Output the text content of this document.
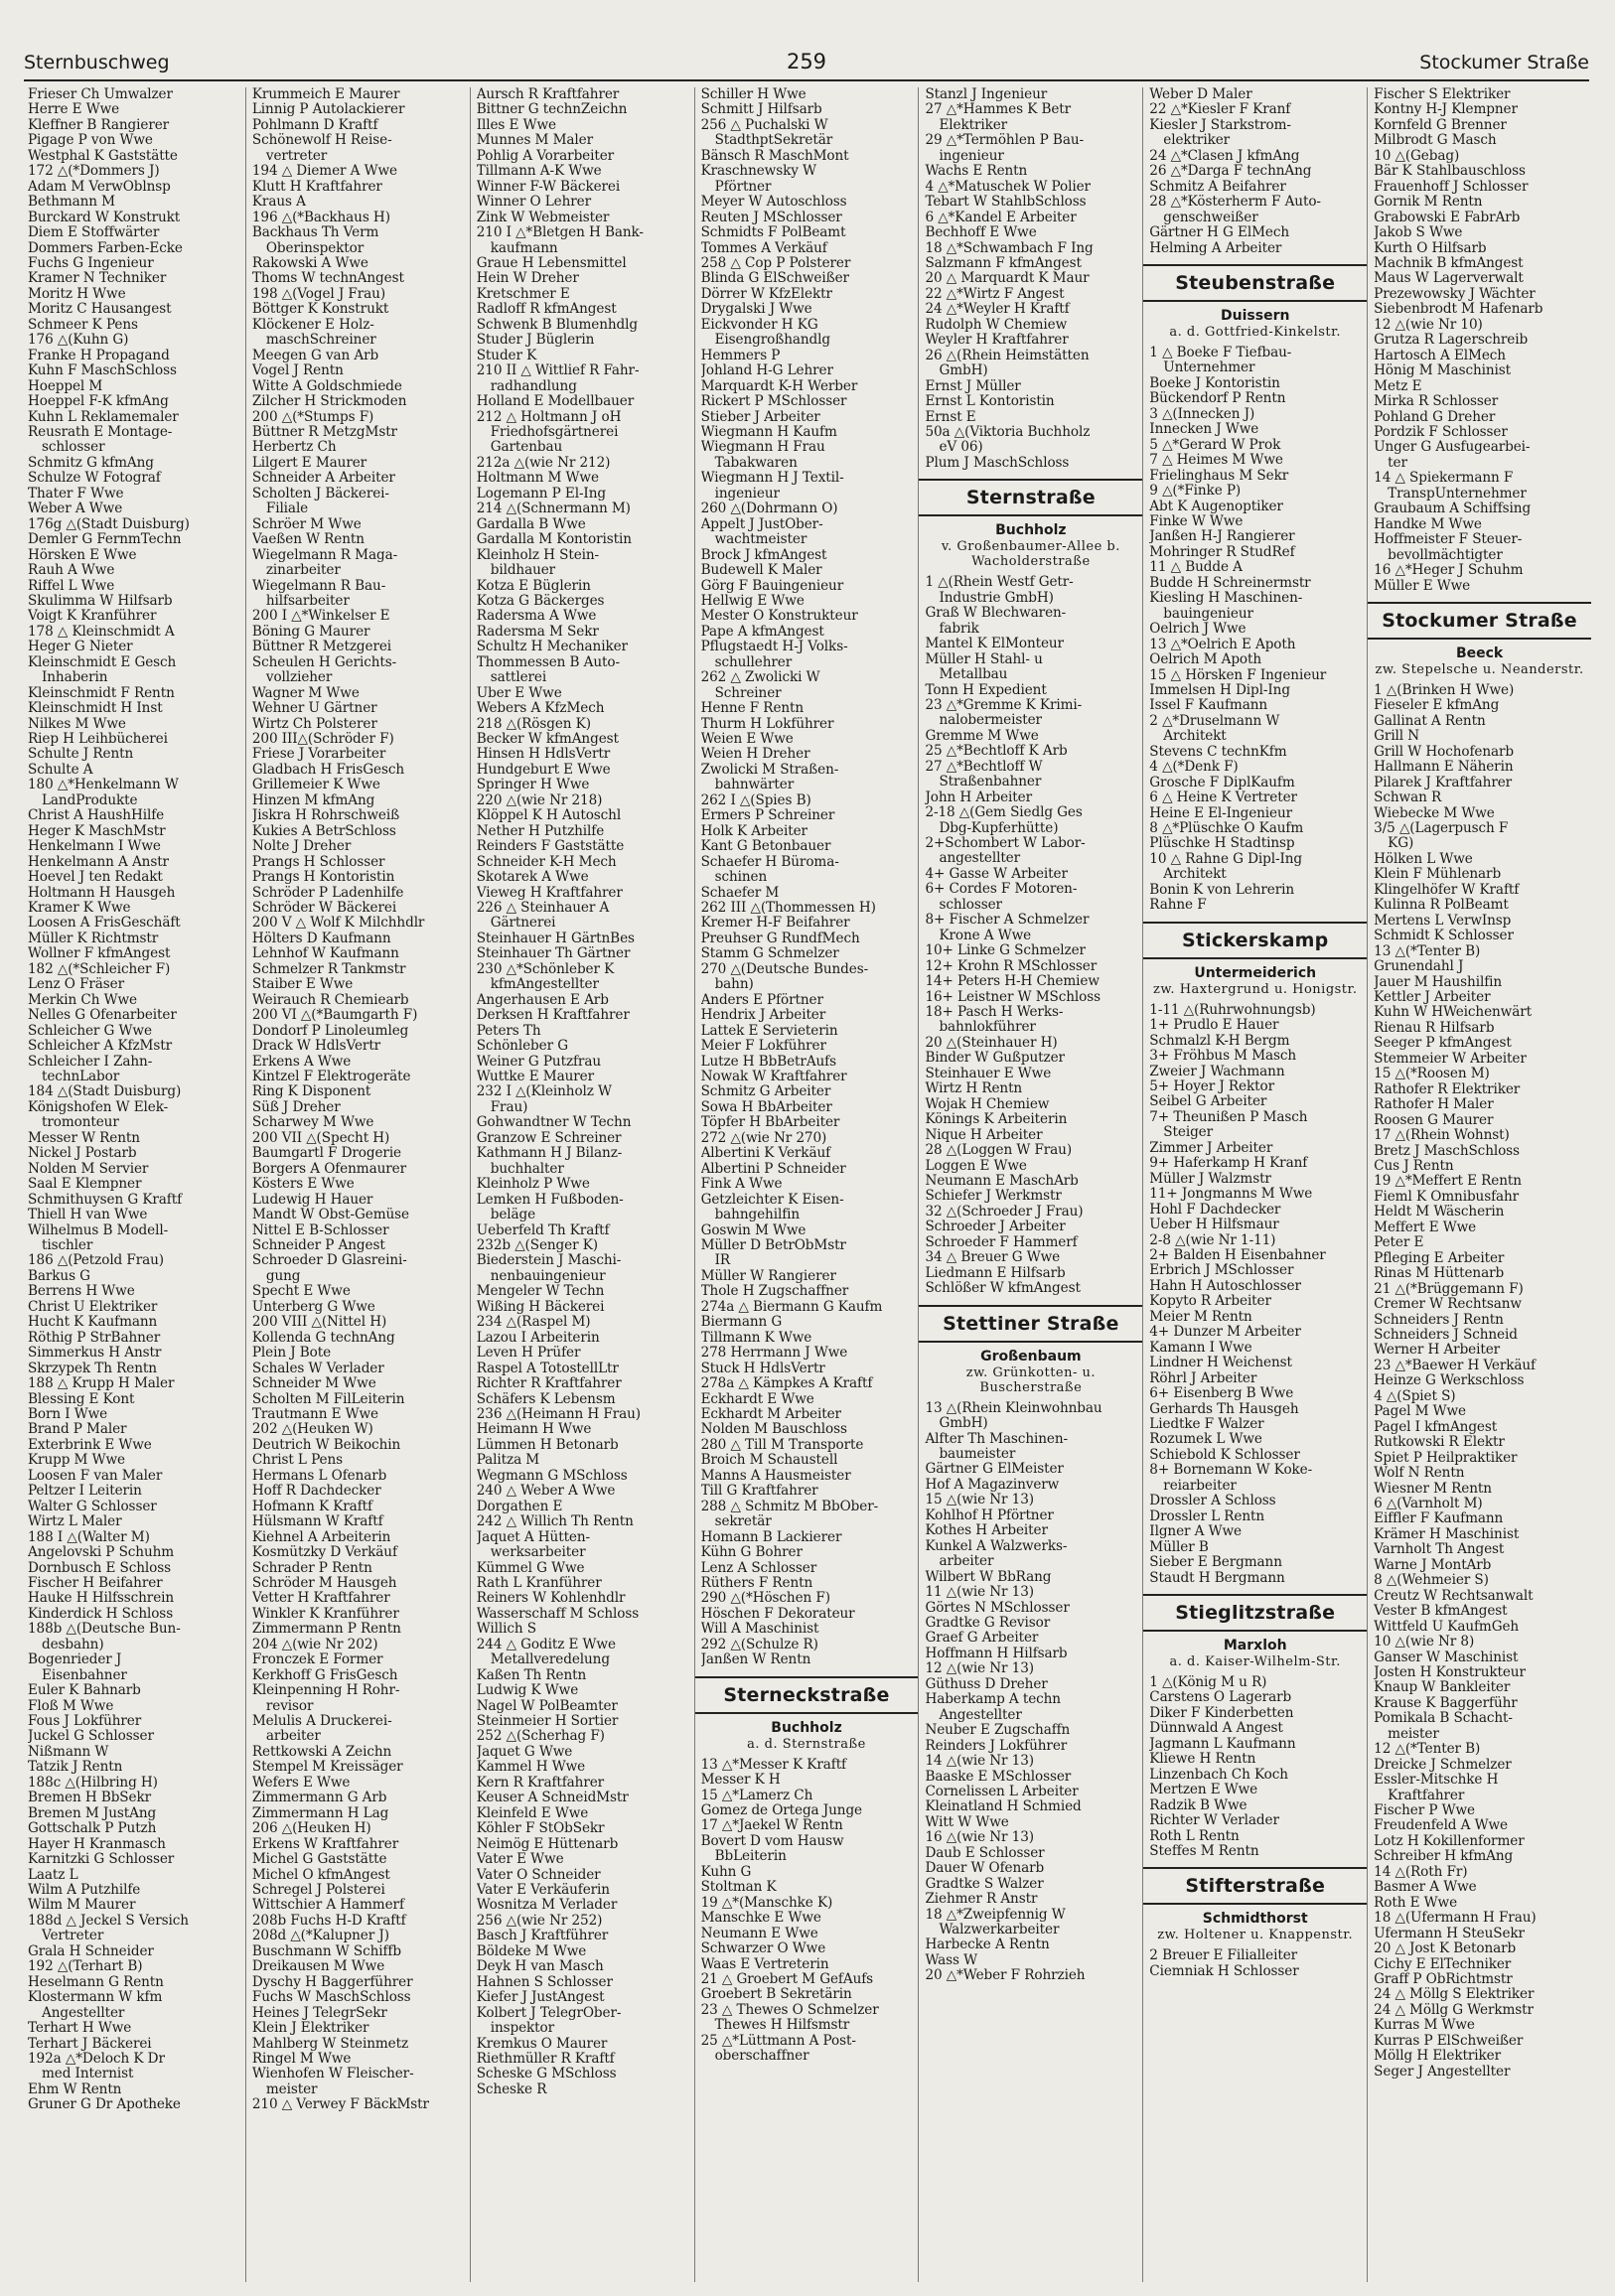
Sternbuschweg	259	Stockumer Straße
Frieser Ch Umwalzer
Herre E Wwe
Kleffner B Rangierer
Pigage P von Wwe
Westphal K Gaststätte
172 △(*Dommers J)
Adam M VerwOblnsp
Bethmann M
Burckard W Konstrukt
Diem E Stoffwärter
Dommers Farben-Ecke
Fuchs G Ingenieur
Kramer N Techniker
Moritz H Wwe
Moritz C Hausangest
Schmeer K Pens
176 △(Kuhn G)
Franke H Propagand
Kuhn F MaschSchloss
Hoeppel M
Hoeppel F-K kfmAng
Kuhn L Reklamemaler
Reusrath E Montage-
schlosser
Schmitz G kfmAng
Schulze W Fotograf
Thater F Wwe
Weber A Wwe
176g △(Stadt Duisburg)
Demler G FernmTechn
Hörsken E Wwe
Rauh A Wwe
Riffel L Wwe
Skulimma W Hilfsarb
Voigt K Kranführer
178 △ Kleinschmidt A
Heger G Nieter
Kleinschmidt E Gesch
Inhaberin
Kleinschmidt F Rentn
Kleinschmidt H Inst
Nilkes M Wwe
Riep H Leihbücherei
Schulte J Rentn
Schulte A
180 △*Henkelmann W
LandProdukte
Christ A HaushHilfe
Heger K MaschMstr
Henkelmann I Wwe
Henkelmann A Anstr
Hoevel J ten Redakt
Holtmann H Hausgeh
Kramer K Wwe
Loosen A FrisGeschäft
Müller K Richtmstr
Wollner F kfmAngest
182 △(*Schleicher F)
Lenz O Fräser
Merkin Ch Wwe
Nelles G Ofenarbeiter
Schleicher G Wwe
Schleicher A KfzMstr
Schleicher I Zahn-
technLabor
184 △(Stadt Duisburg)
Königshofen W Elek-
tromonteur
Messer W Rentn
Nickel J Postarb
Nolden M Servier
Saal E Klempner
Schmithuysen G Kraftf
Thiell H van Wwe
Wilhelmus B Modell-
tischler
186 △(Petzold Frau)
Barkus G
Berrens H Wwe
Christ U Elektriker
Hucht K Kaufmann
Röthig P StrBahner
Simmerkus H Anstr
Skrzypek Th Rentn
188 △ Krupp H Maler
Blessing E Kont
Born I Wwe
Brand P Maler
Exterbrink E Wwe
Krupp M Wwe
Loosen F van Maler
Peltzer I Leiterin
Walter G Schlosser
Wirtz L Maler
188 I △(Walter M)
Angelovski P Schuhm
Dornbusch E Schloss
Fischer H Beifahrer
Hauke H Hilfsschrein
Kinderdick H Schloss
188b △(Deutsche Bun-
desbahn)
Bogenrieder J
Eisenbahner
Euler K Bahnarb
Floß M Wwe
Fous J Lokführer
Juckel G Schlosser
Nißmann W
Tatzik J Rentn
188c △(Hilbring H)
Bremen H BbSekr
Bremen M JustAng
Gottschalk P Putzh
Hayer H Kranmasch
Karnitzki G Schlosser
Laatz L
Wilm A Putzhilfe
Wilm M Maurer
188d △ Jeckel S Versich
Vertreter
Grala H Schneider
192 △(Terhart B)
Heselmann G Rentn
Klostermann W kfm
Angestellter
Terhart H Wwe
Terhart J Bäckerei
192a △*Deloch K Dr
med Internist
Ehm W Rentn
Gruner G Dr Apotheke
Krummeich E Maurer
Linnig P Autolackierer
Pohlmann D Kraftf
Schönewolf H Reise-
vertreter
194 △ Diemer A Wwe
Klutt H Kraftfahrer
Kraus A
196 △(*Backhaus H)
Backhaus Th Verm
Oberinspektor
Rakowski A Wwe
Thoms W technAngest
198 △(Vogel J Frau)
Böttger K Konstrukt
Klöckener E Holz-
maschSchreiner
Meegen G van Arb
Vogel J Rentn
Witte A Goldschmiede
Zilcher H Strickmoden
200 △(*Stumps F)
Büttner R MetzgMstr
Herbertz Ch
Lilgert E Maurer
Schneider A Arbeiter
Scholten J Bäckerei-
Filiale
Schröer M Wwe
Vaeßen W Rentn
Wiegelmann R Maga-
zinarbeiter
Wiegelmann R Bau-
hilfsarbeiter
200 I △*Winkelser E
Böning G Maurer
Büttner R Metzgerei
Scheulen H Gerichts-
vollzieher
Wagner M Wwe
Wehner U Gärtner
Wirtz Ch Polsterer
200 III△(Schröder F)
Friese J Vorarbeiter
Gladbach H FrisGesch
Grillemeier K Wwe
Hinzen M kfmAng
Jiskra H Rohrschweiß
Kukies A BetrSchloss
Nolte J Dreher
Prangs H Schlosser
Prangs H Kontoristin
Schröder P Ladenhilfe
Schröder W Bäckerei
200 V △ Wolf K Milchhdlr
Hölters D Kaufmann
Lehnhof W Kaufmann
Schmelzer R Tankmstr
Staiber E Wwe
Weirauch R Chemiearb
200 VI △(*Baumgarth F)
Dondorf P Linoleumleg
Drack W HdlsVertr
Erkens A Wwe
Kintzel F Elektrogeräte
Ring K Disponent
Süß J Dreher
Scharwey M Wwe
200 VII △(Specht H)
Baumgartl F Drogerie
Borgers A Ofenmaurer
Kösters E Wwe
Ludewig H Hauer
Mandt W Obst-Gemüse
Nittel E B-Schlosser
Schneider P Angest
Schroeder D Glasreini-
gung
Specht E Wwe
Unterberg G Wwe
200 VIII △(Nittel H)
Kollenda G technAng
Plein J Bote
Schales W Verlader
Schneider M Wwe
Scholten M FilLeiterin
Trautmann E Wwe
202 △(Heuken W)
Deutrich W Beikochin
Christ L Pens
Hermans L Ofenarb
Hoff R Dachdecker
Hofmann K Kraftf
Hülsmann W Kraftf
Kiehnel A Arbeiterin
Kosmützky D Verkäuf
Schrader P Rentn
Schröder M Hausgeh
Vetter H Kraftfahrer
Winkler K Kranführer
Zimmermann P Rentn
204 △(wie Nr 202)
Fronczek E Former
Kerkhoff G FrisGesch
Kleinpenning H Rohr-
revisor
Melulis A Druckerei-
arbeiter
Rettkowski A Zeichn
Stempel M Kreissäger
Wefers E Wwe
Zimmermann G Arb
Zimmermann H Lag
206 △(Heuken H)
Erkens W Kraftfahrer
Michel G Gaststätte
Michel O kfmAngest
Schregel J Polsterei
Wittschier A Hammerf
208b Fuchs H-D Kraftf
208d △(*Kalupner J)
Buschmann W Schiffb
Dreikausen M Wwe
Dyschy H Baggerführer
Fuchs W MaschSchloss
Heines J TelegrSekr
Klein J Elektriker
Mahlberg W Steinmetz
Ringel M Wwe
Wienhofen W Fleischer-
meister
210 △ Verwey F BäckMstr
Aursch R Kraftfahrer
Bittner G technZeichn
Illes E Wwe
Munnes M Maler
Pohlig A Vorarbeiter
Tillmann A-K Wwe
Winner F-W Bäckerei
Winner O Lehrer
Zink W Webmeister
210 I △*Bletgen H Bank-
kaufmann
Graue H Lebensmittel
Hein W Dreher
Kretschmer E
Radloff R kfmAngest
Schwenk B Blumenhdlg
Studer J Büglerin
Studer K
210 II △ Wittlief R Fahr-
radhandlung
Holland E Modellbauer
212 △ Holtmann J oH
Friedhofsgärtnerei
Gartenbau
212a △(wie Nr 212)
Holtmann M Wwe
Logemann P El-Ing
214 △(Schnermann M)
Gardalla B Wwe
Gardalla M Kontoristin
Kleinholz H Stein-
bildhauer
Kotza E Büglerin
Kotza G Bäckerges
Radersma A Wwe
Radersma M Sekr
Schultz H Mechaniker
Thommessen B Auto-
sattlerei
Uber E Wwe
Webers A KfzMech
218 △(Rösgen K)
Becker W kfmAngest
Hinsen H HdlsVertr
Hundgeburt E Wwe
Springer H Wwe
220 △(wie Nr 218)
Klöppel K H Autoschl
Nether H Putzhilfe
Reinders F Gaststätte
Schneider K-H Mech
Skotarek A Wwe
Vieweg H Kraftfahrer
226 △ Steinhauer A
Gärtnerei
Steinhauer H GärtnBes
Steinhauer Th Gärtner
230 △*Schönleber K
kfmAngestellter
Angerhausen E Arb
Derksen H Kraftfahrer
Peters Th
Schönleber G
Weiner G Putzfrau
Wuttke E Maurer
232 I △(Kleinholz W
Frau)
Gohwandtner W Techn
Granzow E Schreiner
Kathmann H J Bilanz-
buchhalter
Kleinholz P Wwe
Lemken H Fußboden-
beläge
Ueberfeld Th Kraftf
232b △(Senger K)
Biederstein J Maschi-
nenbauingenieur
Mengeler W Techn
Wißing H Bäckerei
234 △(Raspel M)
Lazou I Arbeiterin
Leven H Prüfer
Raspel A TotostellLtr
Richter R Kraftfahrer
Schäfers K Lebensm
236 △(Heimann H Frau)
Heimann H Wwe
Lümmen H Betonarb
Palitza M
Wegmann G MSchloss
240 △ Weber A Wwe
Dorgathen E
242 △ Willich Th Rentn
Jaquet A Hütten-
werksarbeiter
Kümmel G Wwe
Rath L Kranführer
Reiners W Kohlenhdlr
Wasserschaff M Schloss
Willich S
244 △ Goditz E Wwe
Metallveredelung
Kaßen Th Rentn
Ludwig K Wwe
Nagel W PolBeamter
Steinmeier H Sortier
252 △(Scherhag F)
Jaquet G Wwe
Kammel H Wwe
Kern R Kraftfahrer
Keuser A SchneidMstr
Kleinfeld E Wwe
Köhler F StObSekr
Neimög E Hüttenarb
Vater E Wwe
Vater O Schneider
Vater E Verkäuferin
Wosnitza M Verlader
256 △(wie Nr 252)
Basch J Kraftführer
Böldeke M Wwe
Deyk H van Masch
Hahnen S Schlosser
Kiefer J JustAngest
Kolbert J TelegrOber-
inspektor
Kremkus O Maurer
Riethmüller R Kraftf
Scheske G MSchloss
Scheske R
Schiller H Wwe
Schmitt J Hilfsarb
256 △ Puchalski W
StadthptSekretär
Bänsch R MaschMont
Kraschnewsky W
Pförtner
Meyer W Autoschloss
Reuten J MSchlosser
Schmidts F PolBeamt
Tommes A Verkäuf
258 △ Cop P Polsterer
Blinda G ElSchweißer
Dörrer W KfzElektr
Drygalski J Wwe
Eickvonder H KG
Eisengroßhandlg
Hemmers P
Johland H-G Lehrer
Marquardt K-H Werber
Rickert P MSchlosser
Stieber J Arbeiter
Wiegmann H Kaufm
Wiegmann H Frau
Tabakwaren
Wiegmann H J Textil-
ingenieur
260 △(Dohrmann O)
Appelt J JustOber-
wachtmeister
Brock J kfmAngest
Budewell K Maler
Görg F Bauingenieur
Hellwig E Wwe
Mester O Konstrukteur
Pape A kfmAngest
Pflugstaedt H-J Volks-
schullehrer
262 △ Zwolicki W
Schreiner
Henne F Rentn
Thurm H Lokführer
Weien E Wwe
Weien H Dreher
Zwolicki M Straßen-
bahnwärter
262 I △(Spies B)
Ermers P Schreiner
Holk K Arbeiter
Kant G Betonbauer
Schaefer H Büroma-
schinen
Schaefer M
262 III △(Thommessen H)
Kremer H-F Beifahrer
Preuhser G RundfMech
Stamm G Schmelzer
270 △(Deutsche Bundes-
bahn)
Anders E Pförtner
Hendrix J Arbeiter
Lattek E Servieterin
Meier F Lokführer
Lutze H BbBetrAufs
Nowak W Kraftfahrer
Schmitz G Arbeiter
Sowa H BbArbeiter
Töpfer H BbArbeiter
272 △(wie Nr 270)
Albertini K Verkäuf
Albertini P Schneider
Fink A Wwe
Getzleichter K Eisen-
bahngehilfin
Goswin M Wwe
Müller D BetrObMstr
IR
Müller W Rangierer
Thole H Zugschaffner
274a △ Biermann G Kaufm
Biermann G
Tillmann K Wwe
278 Herrmann J Wwe
Stuck H HdlsVertr
278a △ Kämpkes A Kraftf
Eckhardt E Wwe
Eckhardt M Arbeiter
Nolden M Bauschloss
280 △ Till M Transporte
Broich M Schaustell
Manns A Hausmeister
Till G Kraftfahrer
288 △ Schmitz M BbOber-
sekretär
Homann B Lackierer
Kühn G Bohrer
Lenz A Schlosser
Rüthers F Rentn
290 △(*Höschen F)
Höschen F Dekorateur
Will A Maschinist
292 △(Schulze R)
Janßen W Rentn
Sterneckstraße
Buchholz
a. d. Sternstraße
13 △*Messer K Kraftf
Messer K H
15 △*Lamerz Ch
Gomez de Ortega Junge
17 △*Jaekel W Rentn
Bovert D vom Hausw
BbLeiterin
Kuhn G
Stoltman K
19 △*(Manschke K)
Manschke E Wwe
Neumann E Wwe
Schwarzer O Wwe
Waas E Vertreterin
21 △ Groebert M GefAufs
Groebert B Sekretärin
23 △ Thewes O Schmelzer
Thewes H Hilfsmstr
25 △*Lüttmann A Post-
oberschaffner
Stanzl J Ingenieur
27 △*Hammes K Betr
Elektriker
29 △*Termöhlen P Bau-
ingenieur
Wachs E Rentn
4 △*Matuschek W Polier
Tebart W StahlbSchloss
6 △*Kandel E Arbeiter
Bechhoff E Wwe
18 △*Schwambach F Ing
Salzmann F kfmAngest
20 △ Marquardt K Maur
22 △*Wirtz F Angest
24 △*Weyler H Kraftf
Rudolph W Chemiew
Weyler H Kraftfahrer
26 △(Rhein Heimstätten
GmbH)
Ernst J Müller
Ernst L Kontoristin
Ernst E
50a △(Viktoria Buchholz
eV 06)
Plum J MaschSchloss
Sternstraße
Buchholz
v. Großenbaumer-Allee b. Wacholderstraße
1 △(Rhein Westf Getr-
Industrie GmbH)
Graß W Blechwaren-
fabrik
Mantel K ElMonteur
Müller H Stahl- u
Metallbau
Tonn H Expedient
23 △*Gremme K Krimi-
nalobermeister
Gremme M Wwe
25 △*Bechtloff K Arb
27 △*Bechtloff W
Straßenbahner
John H Arbeiter
2-18 △(Gem Siedlg Ges
Dbg-Kupferhütte)
2+Schombert W Labor-
angestellter
4+ Gasse W Arbeiter
6+ Cordes F Motoren-
schlosser
8+ Fischer A Schmelzer
Krone A Wwe
10+ Linke G Schmelzer
12+ Krohn R MSchlosser
14+ Peters H-H Chemiew
16+ Leistner W MSchloss
18+ Pasch H Werks-
bahnlokführer
20 △(Steinhauer H)
Binder W Gußputzer
Steinhauer E Wwe
Wirtz H Rentn
Wojak H Chemiew
Könings K Arbeiterin
Nique H Arbeiter
28 △(Loggen W Frau)
Loggen E Wwe
Neumann E MaschArb
Schiefer J Werkmstr
32 △(Schroeder J Frau)
Schroeder J Arbeiter
Schroeder F Hammerf
34 △ Breuer G Wwe
Liedmann E Hilfsarb
Schlößer W kfmAngest
Stettiner Straße
Großenbaum
zw. Grünkotten- u. Buscherstraße
13 △(Rhein Kleinwohnbau
GmbH)
Alfter Th Maschinen-
baumeister
Gärtner G ElMeister
Hof A Magazinverw
15 △(wie Nr 13)
Kohlhof H Pförtner
Kothes H Arbeiter
Kunkel A Walzwerks-
arbeiter
Wilbert W BbRang
11 △(wie Nr 13)
Görtes N MSchlosser
Gradtke G Revisor
Graef G Arbeiter
Hoffmann H Hilfsarb
12 △(wie Nr 13)
Güthuss D Dreher
Haberkamp A techn
Angestellter
Neuber E Zugschaffn
Reinders J Lokführer
14 △(wie Nr 13)
Baaske E MSchlosser
Cornelissen L Arbeiter
Kleinatland H Schmied
Witt W Wwe
16 △(wie Nr 13)
Daub E Schlosser
Dauer W Ofenarb
Gradtke S Walzer
Ziehmer R Anstr
18 △*Zweipfennig W
Walzwerkarbeiter
Harbecke A Rentn
Wass W
20 △*Weber F Rohrzieh
Weber D Maler
22 △*Kiesler F Kranf
Kiesler J Starkstrom-
elektriker
24 △*Clasen J kfmAng
26 △*Darga F technAng
Schmitz A Beifahrer
28 △*Kösterherm F Auto-
genschweißer
Gärtner H G ElMech
Helming A Arbeiter
Steubenstraße
Duissern
a. d. Gottfried-Kinkelstr.
1 △ Boeke F Tiefbau-
Unternehmer
Boeke J Kontoristin
Bückendorf P Rentn
3 △(Innecken J)
Innecken J Wwe
5 △*Gerard W Prok
7 △ Heimes M Wwe
Frielinghaus M Sekr
9 △(*Finke P)
Abt K Augenoptiker
Finke W Wwe
Janßen H-J Rangierer
Mohringer R StudRef
11 △ Budde A
Budde H Schreinermstr
Kiesling H Maschinen-
bauingenieur
Oelrich J Wwe
13 △*Oelrich E Apoth
Oelrich M Apoth
15 △ Hörsken F Ingenieur
Immelsen H Dipl-Ing
Issel F Kaufmann
2 △*Druselmann W
Architekt
Stevens C technKfm
4 △(*Denk F)
Grosche F DiplKaufm
6 △ Heine K Vertreter
Heine E El-Ingenieur
8 △*Plüschke O Kaufm
Plüschke H Stadtinsp
10 △ Rahne G Dipl-Ing
Architekt
Bonin K von Lehrerin
Rahne F
Stickerskamp
Untermeiderich
zw. Haxtergrund u. Honigstr.
1-11 △(Ruhrwohnungsb)
1+ Prudlo E Hauer
Schmalzl K-H Bergm
3+ Fröhbus M Masch
Zweier J Wachmann
5+ Hoyer J Rektor
Seibel G Arbeiter
7+ Theunißen P Masch
Steiger
Zimmer J Arbeiter
9+ Haferkamp H Kranf
Müller J Walzmstr
11+ Jongmanns M Wwe
Hohl F Dachdecker
Ueber H Hilfsmaur
2-8 △(wie Nr 1-11)
2+ Balden H Eisenbahner
Erbrich J MSchlosser
Hahn H Autoschlosser
Kopyto R Arbeiter
Meier M Rentn
4+ Dunzer M Arbeiter
Kamann I Wwe
Lindner H Weichenst
Röhrl J Arbeiter
6+ Eisenberg B Wwe
Gerhards Th Hausgeh
Liedtke F Walzer
Rozumek L Wwe
Schiebold K Schlosser
8+ Bornemann W Koke-
reiarbeiter
Drossler A Schloss
Drossler L Rentn
Ilgner A Wwe
Müller B
Sieber E Bergmann
Staudt H Bergmann
Stieglitzstraße
Marxloh
a. d. Kaiser-Wilhelm-Str.
1 △(König M u R)
Carstens O Lagerarb
Diker F Kinderbetten
Dünnwald A Angest
Jagmann L Kaufmann
Kliewe H Rentn
Linzenbach Ch Koch
Mertzen E Wwe
Radzik B Wwe
Richter W Verlader
Roth L Rentn
Steffes M Rentn
Stifterstraße
Schmidthorst
zw. Holtener u. Knappenstr.
2 Breuer E Filialleiter
Ciemniak H Schlosser
Fischer S Elektriker
Kontny H-J Klempner
Kornfeld G Brenner
Milbrodt G Masch
10 △(Gebag)
Bär K Stahlbauschloss
Frauenhoff J Schlosser
Gornik M Rentn
Grabowski E FabrArb
Jakob S Wwe
Kurth O Hilfsarb
Machnik B kfmAngest
Maus W Lagerverwalt
Prezewowsky J Wächter
Siebenbrodt M Hafenarb
12 △(wie Nr 10)
Grutza R Lagerschreib
Hartosch A ElMech
Hönig M Maschinist
Metz E
Mirka R Schlosser
Pohland G Dreher
Pordzik F Schlosser
Unger G Ausfugearbei-
ter
14 △ Spiekermann F
TranspUnternehmer
Graubaum A Schiffsing
Handke M Wwe
Hoffmeister F Steuer-
bevollmächtigter
16 △*Heger J Schuhm
Müller E Wwe
Stockumer Straße
Beeck
zw. Stepelsche u. Neanderstr.
1 △(Brinken H Wwe)
Fieseler E kfmAng
Gallinat A Rentn
Grill N
Grill W Hochofenarb
Hallmann E Näherin
Pilarek J Kraftfahrer
Schwan R
Wiebecke M Wwe
3/5 △(Lagerpusch F
KG)
Hölken L Wwe
Klein F Mühlenarb
Klingelhöfer W Kraftf
Kulinna R PolBeamt
Mertens L VerwInsp
Schmidt K Schlosser
13 △(*Tenter B)
Grunendahl J
Jauer M Haushilfin
Kettler J Arbeiter
Kuhn W HWeichenwärt
Rienau R Hilfsarb
Seeger P kfmAngest
Stemmeier W Arbeiter
15 △(*Roosen M)
Rathofer R Elektriker
Rathofer H Maler
Roosen G Maurer
17 △(Rhein Wohnst)
Bretz J MaschSchloss
Cus J Rentn
19 △*Meffert E Rentn
Fieml K Omnibusfahr
Heldt M Wäscherin
Meffert E Wwe
Peter E
Pfleging E Arbeiter
Rinas M Hüttenarb
21 △(*Brüggemann F)
Cremer W Rechtsanw
Schneiders J Rentn
Schneiders J Schneid
Werner H Arbeiter
23 △*Baewer H Verkäuf
Heinze G Werkschloss
4 △(Spiet S)
Pagel M Wwe
Pagel I kfmAngest
Rutkowski R Elektr
Spiet P Heilpraktiker
Wolf N Rentn
Wiesner M Rentn
6 △(Varnholt M)
Eiffler F Kaufmann
Krämer H Maschinist
Varnholt Th Angest
Warne J MontArb
8 △(Wehmeier S)
Creutz W Rechtsanwalt
Vester B kfmAngest
Wittfeld U KaufmGeh
10 △(wie Nr 8)
Ganser W Maschinist
Josten H Konstrukteur
Knaup W Bankleiter
Krause K Baggerführ
Pomikala B Schacht-
meister
12 △(*Tenter B)
Dreicke J Schmelzer
Essler-Mitschke H
Kraftfahrer
Fischer P Wwe
Freudenfeld A Wwe
Lotz H Kokillenformer
Schreiber H kfmAng
14 △(Roth Fr)
Basmer A Wwe
Roth E Wwe
18 △(Ufermann H Frau)
Ufermann H SteuSekr
20 △ Jost K Betonarb
Cichy E ElTechniker
Graff P ObRichtmstr
24 △ Möllg S Elektriker
24 △ Möllg G Werkmstr
Kurras M Wwe
Kurras P ElSchweißer
Möllg H Elektriker
Seger J Angestellter
